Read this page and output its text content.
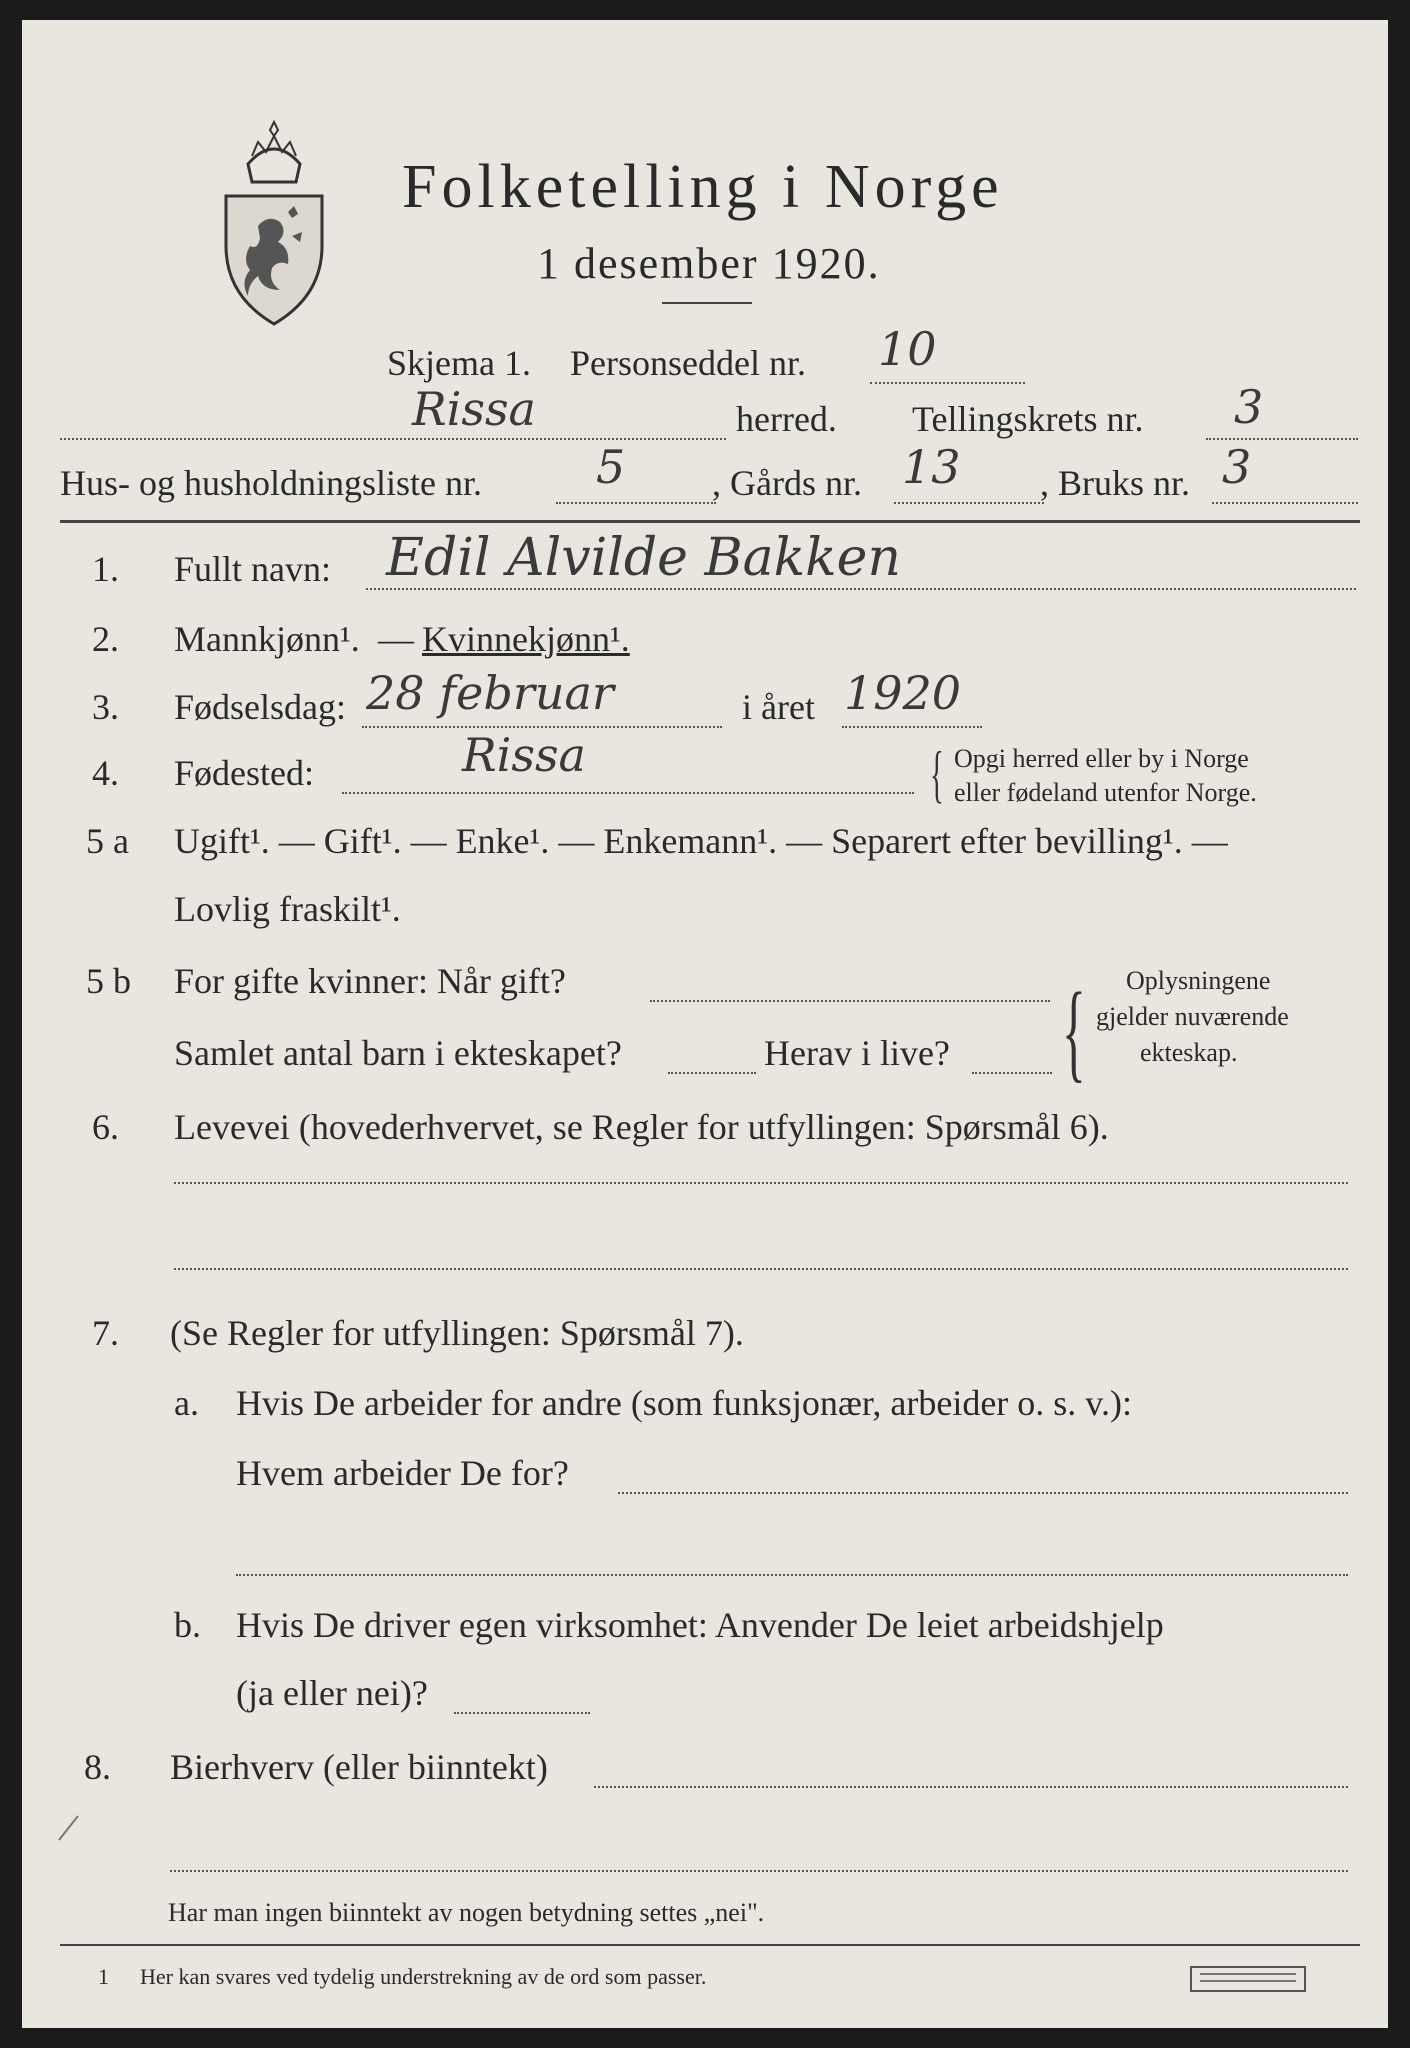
Folketelling i Norge
1 desember 1920.
Skjema 1. Personseddel nr. 10
Rissa	herred. Tellingskrets nr. 3
Hus- og husholdningsliste nr. 5 , Gårds nr. 13 , Bruks nr. 3
1. Fullt navn: Edil Alvilde Bakken
2. Mannkjønn¹. — Kvinnekjønn¹.
3. Fødselsdag: 28 februar	i året 1920
4. Fødested:	Rissa	{ Opgi herred eller by i Norge
eller fødeland utenfor Norge.
5 a Ugift¹. — Gift¹. — Enke¹. — Enkemann¹. — Separert efter bevilling¹. —
Lovlig fraskilt¹.
5 b For gifte kvinner: Når gift?
Samlet antal barn i ekteskapet?	Herav i live? { Oplysningene
gjelder nuværende
ekteskap.
6. Levevei (hovederhvervet, se Regler for utfyllingen: Spørsmål 6).
7. (Se Regler for utfyllingen: Spørsmål 7).
a. Hvis De arbeider for andre (som funksjonær, arbeider o. s. v.):
Hvem arbeider De for?
b. Hvis De driver egen virksomhet: Anvender De leiet arbeidshjelp
(ja eller nei)?
8. Bierhverv (eller biinntekt)
Har man ingen biinntekt av nogen betydning settes „nei".
1 Her kan svares ved tydelig understrekning av de ord som passer.
